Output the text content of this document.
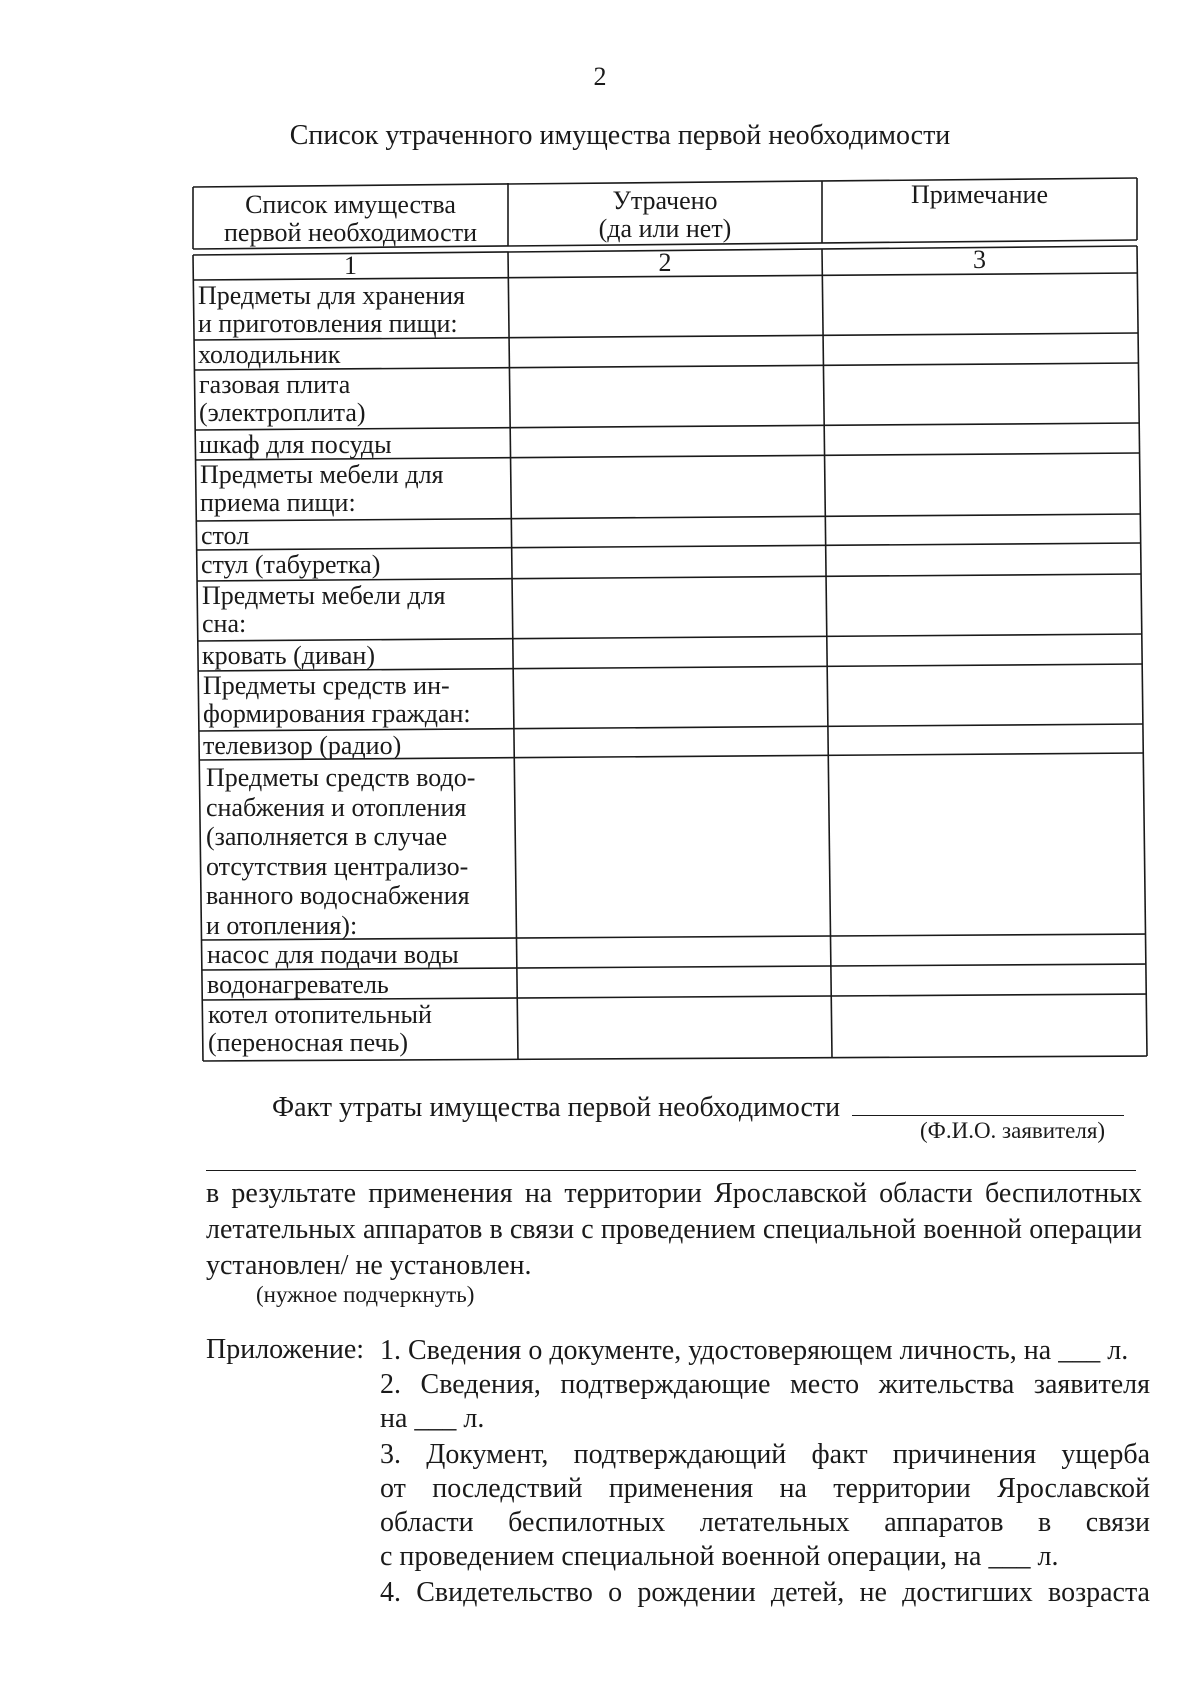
2
Список утраченного имущества первой необходимости
Список имущества
первой необходимости
Утрачено
(да или нет)
Примечание
1	2	3
Предметы для хранения
и приготовления пищи:
холодильник
газовая плита
(электроплита)
шкаф для посуды
Предметы мебели для
приема пищи:
стол
стул (табуретка)
Предметы мебели для
сна:
кровать (диван)
Предметы средств ин-
формирования граждан:
телевизор (радио)
Предметы средств водо-
снабжения и отопления
(заполняется в случае
отсутствия централизо-
ванного водоснабжения
и отопления):
насос для подачи воды
водонагреватель
котел отопительный
(переносная печь)
Факт утраты имущества первой необходимости
(Ф.И.О. заявителя)
в результате применения на территории Ярославской области беспилотных
летательных аппаратов в связи с проведением специальной военной операции
установлен/ не установлен.
(нужное подчеркнуть)
Приложение: 1. Сведения о документе, удостоверяющем личность, на ___ л.
2. Сведения, подтверждающие место жительства заявителя
на ___ л.
3. Документ, подтверждающий факт причинения ущерба
от последствий применения на территории Ярославской
области беспилотных летательных аппаратов в связи
с проведением специальной военной операции, на ___ л.
4. Свидетельство о рождении детей, не достигших возраста
